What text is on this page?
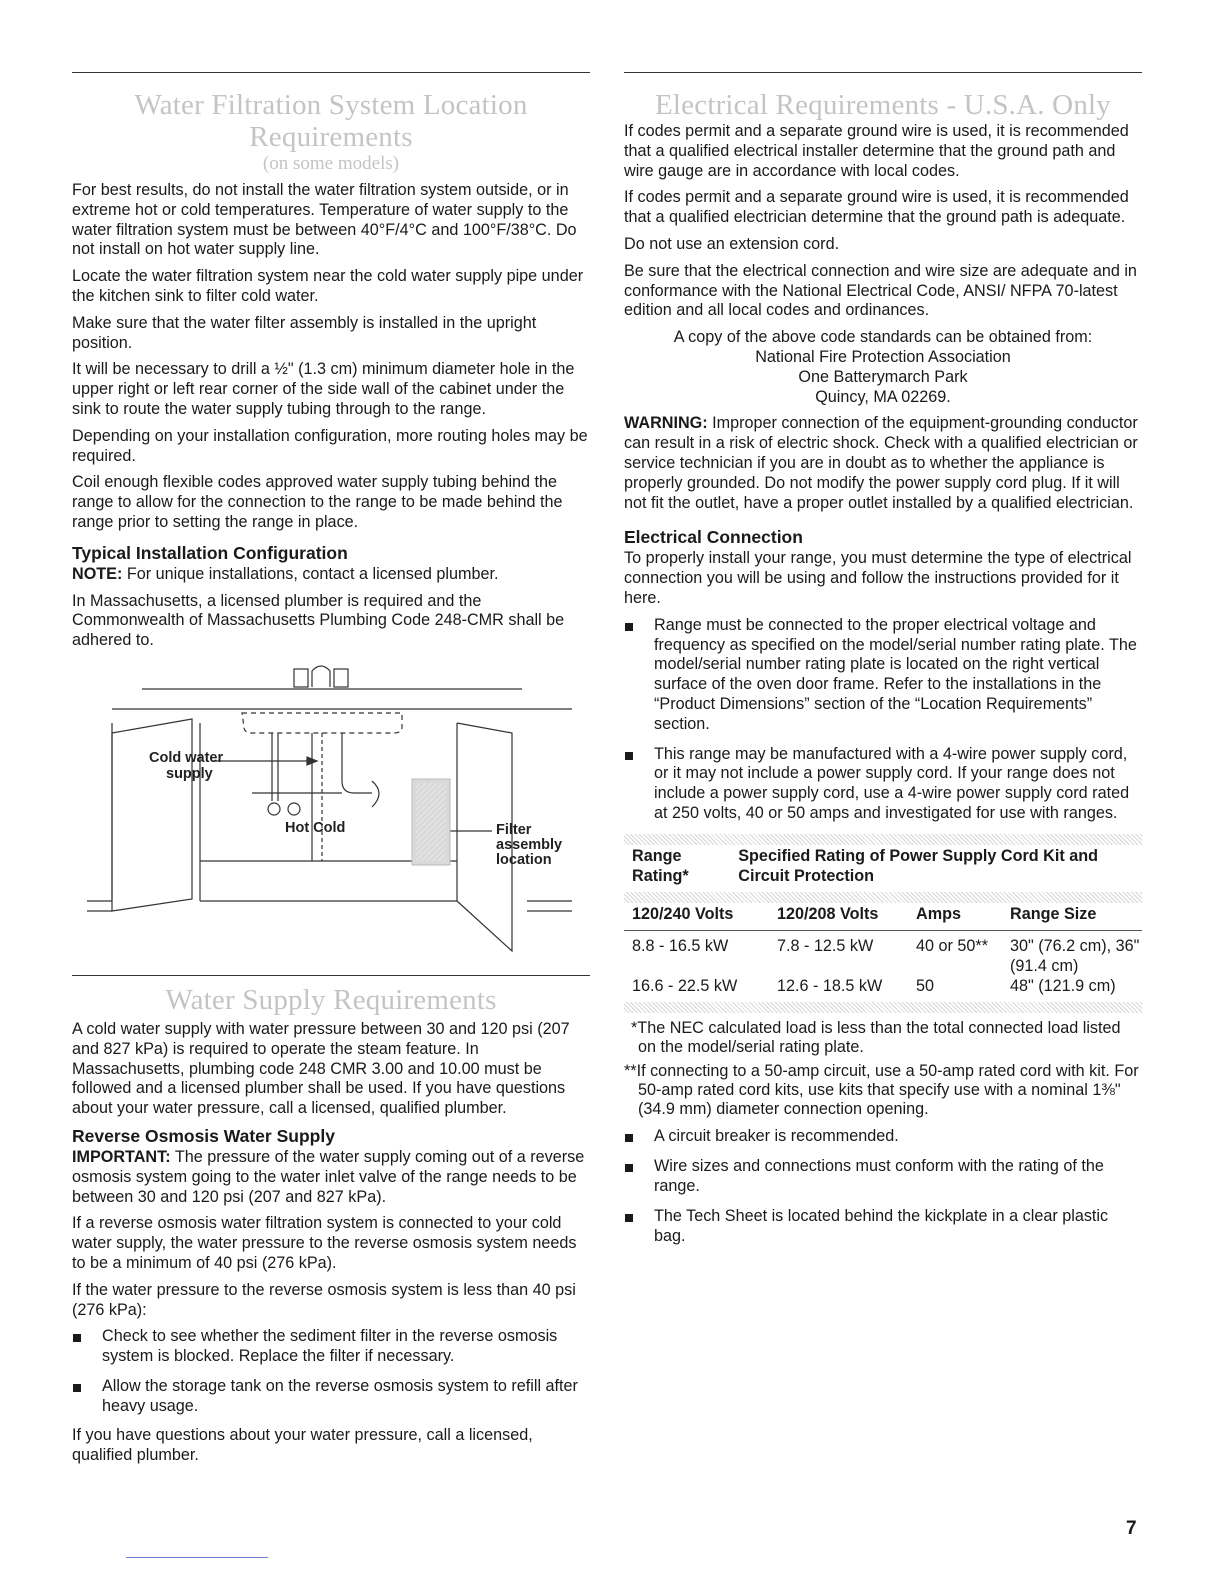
Water Filtration System Location
Requirements
(on some models)

For best results, do not install the water filtration system outside, or in extreme hot or cold temperatures. Temperature of water supply to the water filtration system must be between 40°F/4°C and 100°F/38°C. Do not install on hot water supply line.

Locate the water filtration system near the cold water supply pipe under the kitchen sink to filter cold water.

Make sure that the water filter assembly is installed in the upright position.

It will be necessary to drill a ½" (1.3 cm) minimum diameter hole in the upper right or left rear corner of the side wall of the cabinet under the sink to route the water supply tubing through to the range.

Depending on your installation configuration, more routing holes may be required.

Coil enough flexible codes approved water supply tubing behind the range to allow for the connection to the range to be made behind the range prior to setting the range in place.

Typical Installation Configuration

NOTE: For unique installations, contact a licensed plumber.

In Massachusetts, a licensed plumber is required and the Commonwealth of Massachusetts Plumbing Code 248-CMR shall be adhered to.

Cold water
supply
Hot Cold	Filter
assembly
location
Water Supply Requirements

A cold water supply with water pressure between 30 and 120 psi (207 and 827 kPa) is required to operate the steam feature. In Massachusetts, plumbing code 248 CMR 3.00 and 10.00 must be followed and a licensed plumber shall be used. If you have questions about your water pressure, call a licensed, qualified plumber.

Reverse Osmosis Water Supply

IMPORTANT: The pressure of the water supply coming out of a reverse osmosis system going to the water inlet valve of the range needs to be between 30 and 120 psi (207 and 827 kPa).

If a reverse osmosis water filtration system is connected to your cold water supply, the water pressure to the reverse osmosis system needs to be a minimum of 40 psi (276 kPa).

If the water pressure to the reverse osmosis system is less than 40 psi (276 kPa):

Check to see whether the sediment filter in the reverse osmosis system is blocked. Replace the filter if necessary.
Allow the storage tank on the reverse osmosis system to refill after heavy usage.

If you have questions about your water pressure, call a licensed, qualified plumber.

Electrical Requirements - U.S.A. Only

If codes permit and a separate ground wire is used, it is recommended that a qualified electrical installer determine that the ground path and wire gauge are in accordance with local codes.

If codes permit and a separate ground wire is used, it is recommended that a qualified electrician determine that the ground path is adequate.

Do not use an extension cord.

Be sure that the electrical connection and wire size are adequate and in conformance with the National Electrical Code, ANSI/ NFPA 70-latest edition and all local codes and ordinances.

A copy of the above code standards can be obtained from:

National Fire Protection Association

One Batterymarch Park

Quincy, MA 02269.

WARNING: Improper connection of the equipment-grounding conductor can result in a risk of electric shock. Check with a qualified electrician or service technician if you are in doubt as to whether the appliance is properly grounded. Do not modify the power supply cord plug. If it will not fit the outlet, have a proper outlet installed by a qualified electrician.

Electrical Connection

To properly install your range, you must determine the type of electrical connection you will be using and follow the instructions provided for it here.

Range must be connected to the proper electrical voltage and frequency as specified on the model/serial number rating plate. The model/serial number rating plate is located on the right vertical surface of the oven door frame. Refer to the installations in the “Product Dimensions” section of the “Location Requirements” section.
This range may be manufactured with a 4-wire power supply cord, or it may not include a power supply cord. If your range does not include a power supply cord, use a 4-wire power supply cord rated at 250 volts, 40 or 50 amps and investigated for use with ranges.
Range Rating*	Specified Rating of Power Supply Cord Kit and Circuit Protection
120/240 Volts	120/208 Volts	Amps	Range Size
8.8 - 16.5 kW	7.8 - 12.5 kW	40 or 50**	30" (76.2 cm), 36" (91.4 cm)
16.6 - 22.5 kW	12.6 - 18.5 kW	50	48" (121.9 cm)

*The NEC calculated load is less than the total connected load listed on the model/serial rating plate.

**If connecting to a 50-amp circuit, use a 50-amp rated cord with kit. For 50-amp rated cord kits, use kits that specify use with a nominal 1⅜" (34.9 mm) diameter connection opening.

A circuit breaker is recommended.
Wire sizes and connections must conform with the rating of the range.
The Tech Sheet is located behind the kickplate in a clear plastic bag.
7
